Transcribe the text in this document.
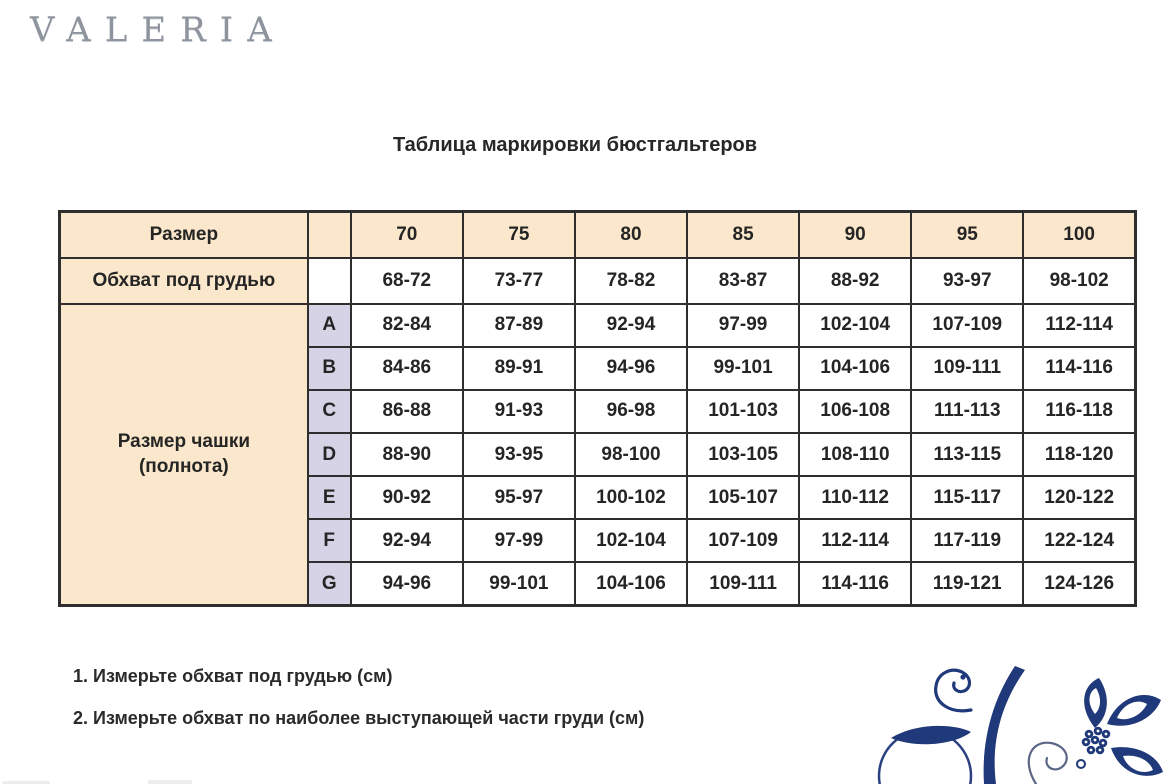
VALERIA
Таблица маркировки бюстгальтеров
Размер		70	75	80	85	90	95	100
Обхват под грудью		68-72	73-77	78-82	83-87	88-92	93-97	98-102

Размер чашки
(полнота)	A	82-84	87-89	92-94	97-99	102-104	107-109	112-114
	B	84-86	89-91	94-96	99-101	104-106	109-111	114-116
	C	86-88	91-93	96-98	101-103	106-108	111-113	116-118
	D	88-90	93-95	98-100	103-105	108-110	113-115	118-120
	E	90-92	95-97	100-102	105-107	110-112	115-117	120-122
	F	92-94	97-99	102-104	107-109	112-114	117-119	122-124
	G	94-96	99-101	104-106	109-111	114-116	119-121	124-126

1. Измерьте обхват под грудью (см)

2. Измерьте обхват по наиболее выступающей части груди (см)
